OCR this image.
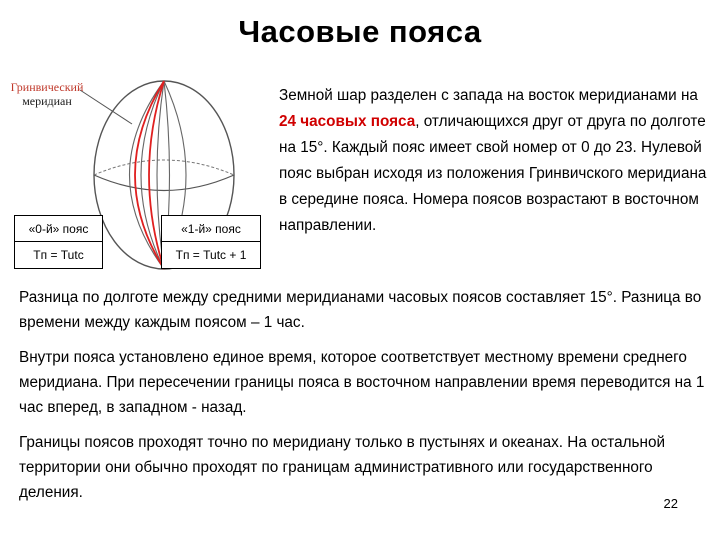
Часовые пояса
Гринвический
меридиан
«0-й» пояс
Tп = Tutc
«1-й» пояс
Tп = Tutc + 1
Земной шар разделен с запада на восток меридианами на 24 часовых пояса, отличающихся друг от друга по долготе на 15°. Каждый пояс имеет свой номер от 0 до 23. Нулевой пояс выбран исходя из положения Гринвичского меридиана в середине пояса. Номера поясов возрастают в восточном направлении.
Разница по долготе между средними меридианами часовых поясов составляет 15°. Разница во времени между каждым поясом – 1 час.
Внутри пояса установлено единое время, которое соответствует местному времени среднего меридиана. При пересечении границы пояса в восточном направлении время переводится на 1 час вперед, в западном - назад.
Границы поясов проходят точно по меридиану только в пустынях и океанах. На остальной территории они обычно проходят по границам административного или государственного деления.
22
